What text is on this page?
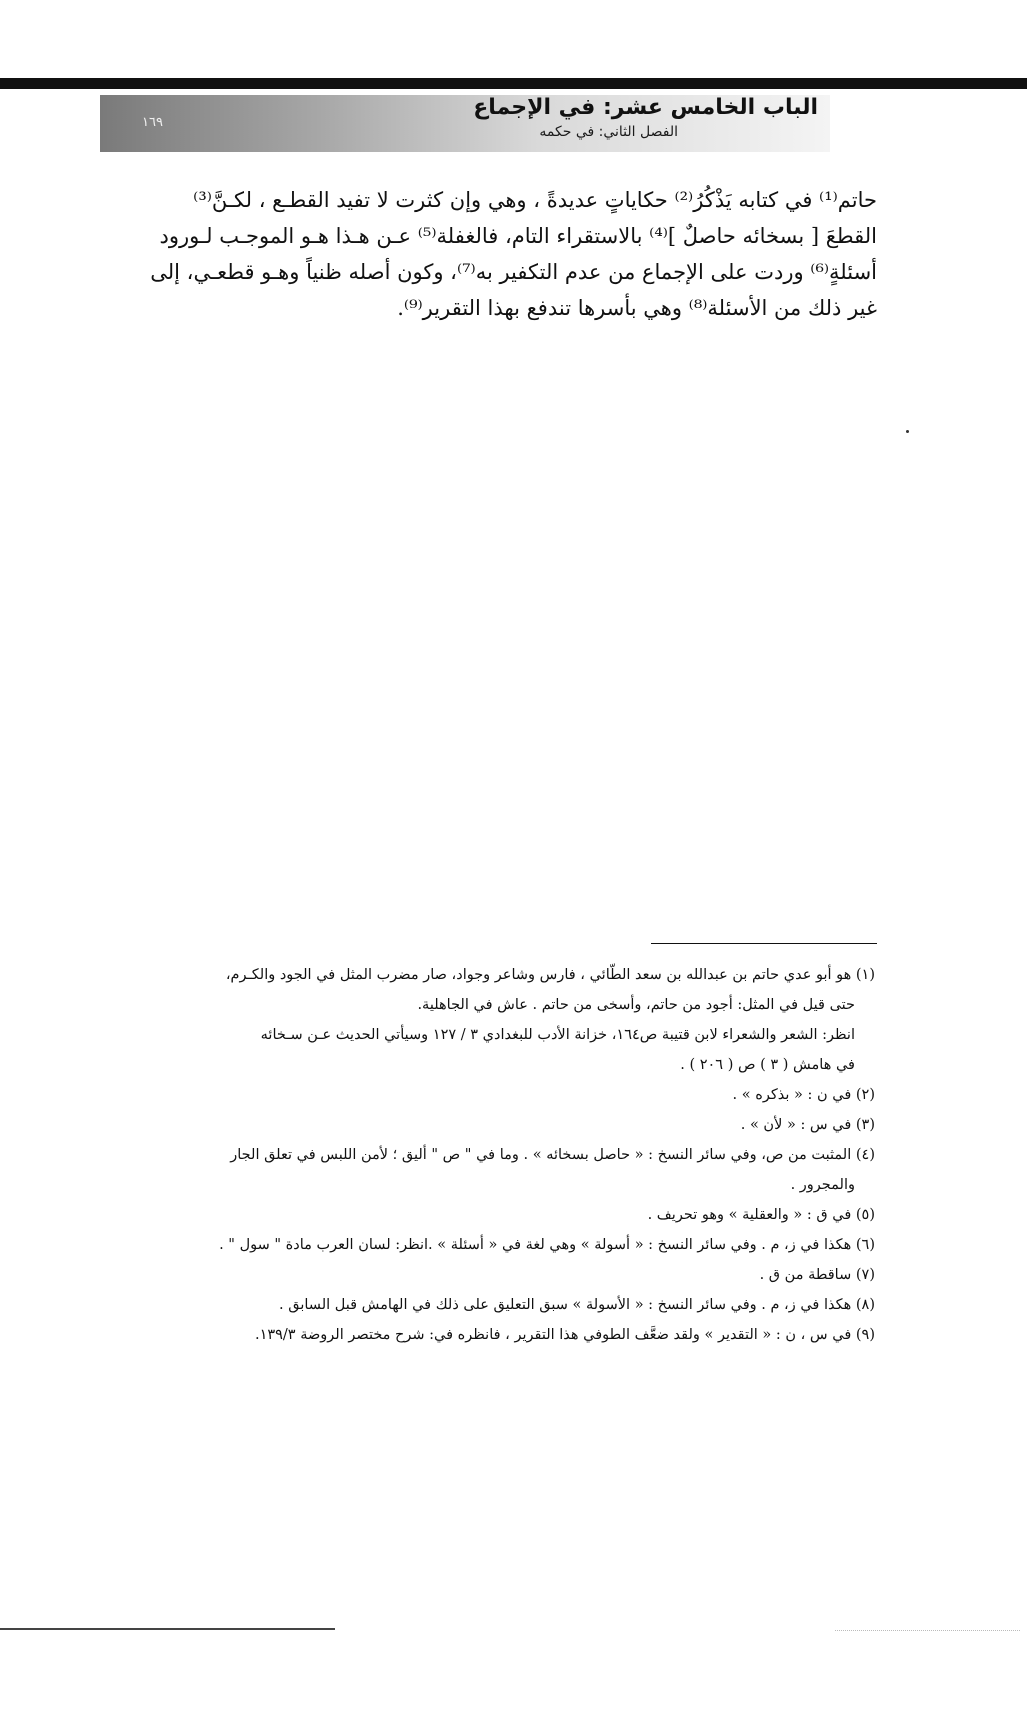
الباب الخامس عشر: في الإجماع
الفصل الثاني: في حكمه
١٦٩
حاتم⁽¹⁾ في كتابه يَذْكُرُ⁽²⁾ حكاياتٍ عديدةً ، وهي وإن كثرت لا تفيد القطـع ، لكـنَّ⁽³⁾
القطعَ [ بسخائه حاصلٌ ]⁽⁴⁾ بالاستقراء التام، فالغفلة⁽⁵⁾ عـن هـذا هـو الموجـب لـورود
أسئلةٍ⁽⁶⁾ وردت على الإجماع من عدم التكفير به⁽⁷⁾، وكون أصله ظنياً وهـو قطعـي، إلى
غير ذلك من الأسئلة⁽⁸⁾ وهي بأسرها تندفع بهذا التقرير⁽⁹⁾.
(١) هو أبو عدي حاتم بن عبدالله بن سعد الطّائي ، فارس وشاعر وجواد، صار مضرب المثل في الجود والكـرم،
حتى قيل في المثل: أجود من حاتم، وأسخى من حاتم . عاش في الجاهلية.
انظر: الشعر والشعراء لابن قتيبة ص١٦٤، خزانة الأدب للبغدادي ٣ / ١٢٧ وسيأتي الحديث عـن سـخائه
في هامش ( ٣ ) ص ( ٢٠٦ ) .
(٢) في ن : « بذكره » .
(٣) في س : « لأن » .
(٤) المثبت من ص، وفي سائر النسخ : « حاصل بسخائه » . وما في " ص " أليق ؛ لأمن اللبس في تعلق الجار
والمجرور .
(٥) في ق : « والعقلية » وهو تحريف .
(٦) هكذا في ز، م . وفي سائر النسخ : « أسولة » وهي لغة في « أسئلة » .انظر: لسان العرب مادة " سول " .
(٧) ساقطة من ق .
(٨) هكذا في ز، م . وفي سائر النسخ : « الأسولة » سبق التعليق على ذلك في الهامش قبل السابق .
(٩) في س ، ن : « التقدير » ولقد ضعَّف الطوفي هذا التقرير ، فانظره في: شرح مختصر الروضة ١٣٩/٣.
